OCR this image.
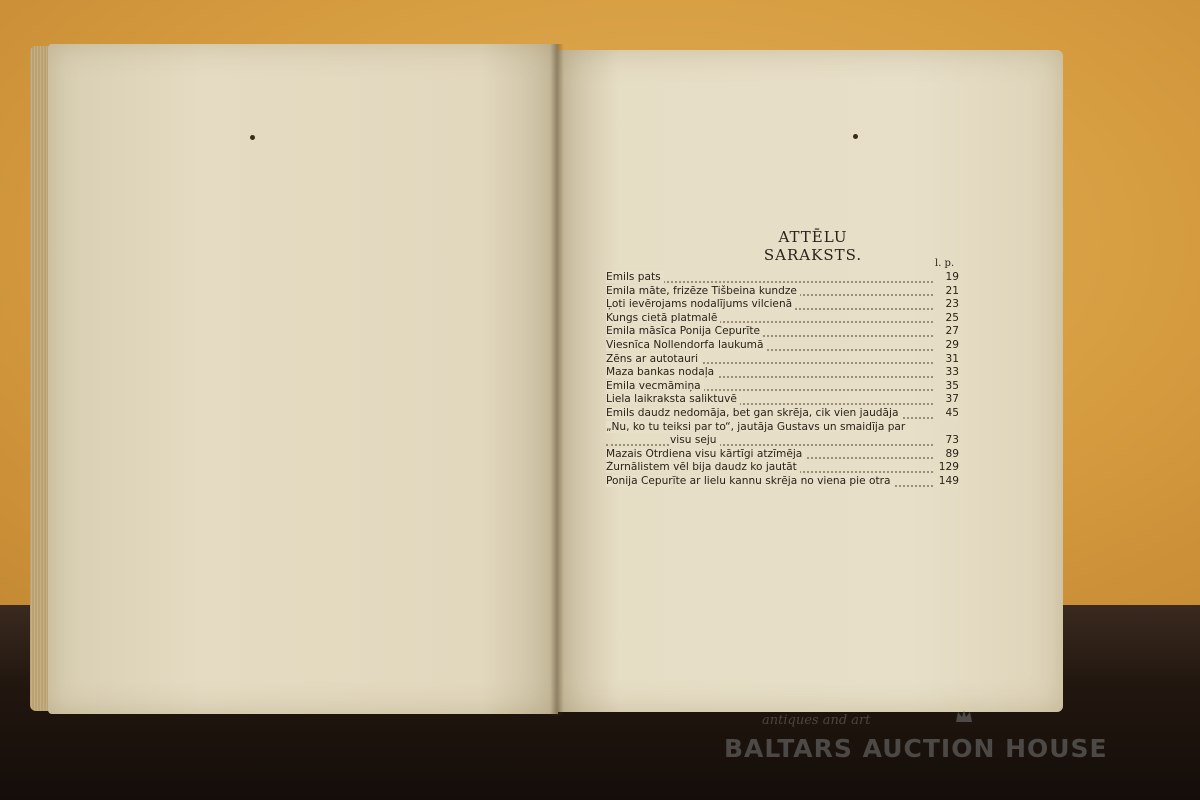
ATTĒLU SARAKSTS.	l. p.
Emils pats	19
Emila māte, frizēze Tišbeina kundze	21
Ļoti ievērojams nodalījums vilcienā	23
Kungs cietā platmalē	25
Emila māsīca Ponija Cepurīte	27
Viesnīca Nollendorfa laukumā	29
Zēns ar autotauri	31
Maza bankas nodaļa	33
Emila vecmāmiņa	35
Liela laikraksta saliktuvē	37
Emils daudz nedomāja, bet gan skrēja, cik vien jaudāja	45
„Nu, ko tu teiksi par to“, jautāja Gustavs un smaidīja par
visu seju	73
Mazais Otrdiena visu kārtīgi atzīmēja	89
Žurnālistem vēl bija daudz ko jautāt	129
Ponija Cepurīte ar lielu kannu skrēja no viena pie otra	149
antiques and art
BALTARS AUCTION HOUSE
